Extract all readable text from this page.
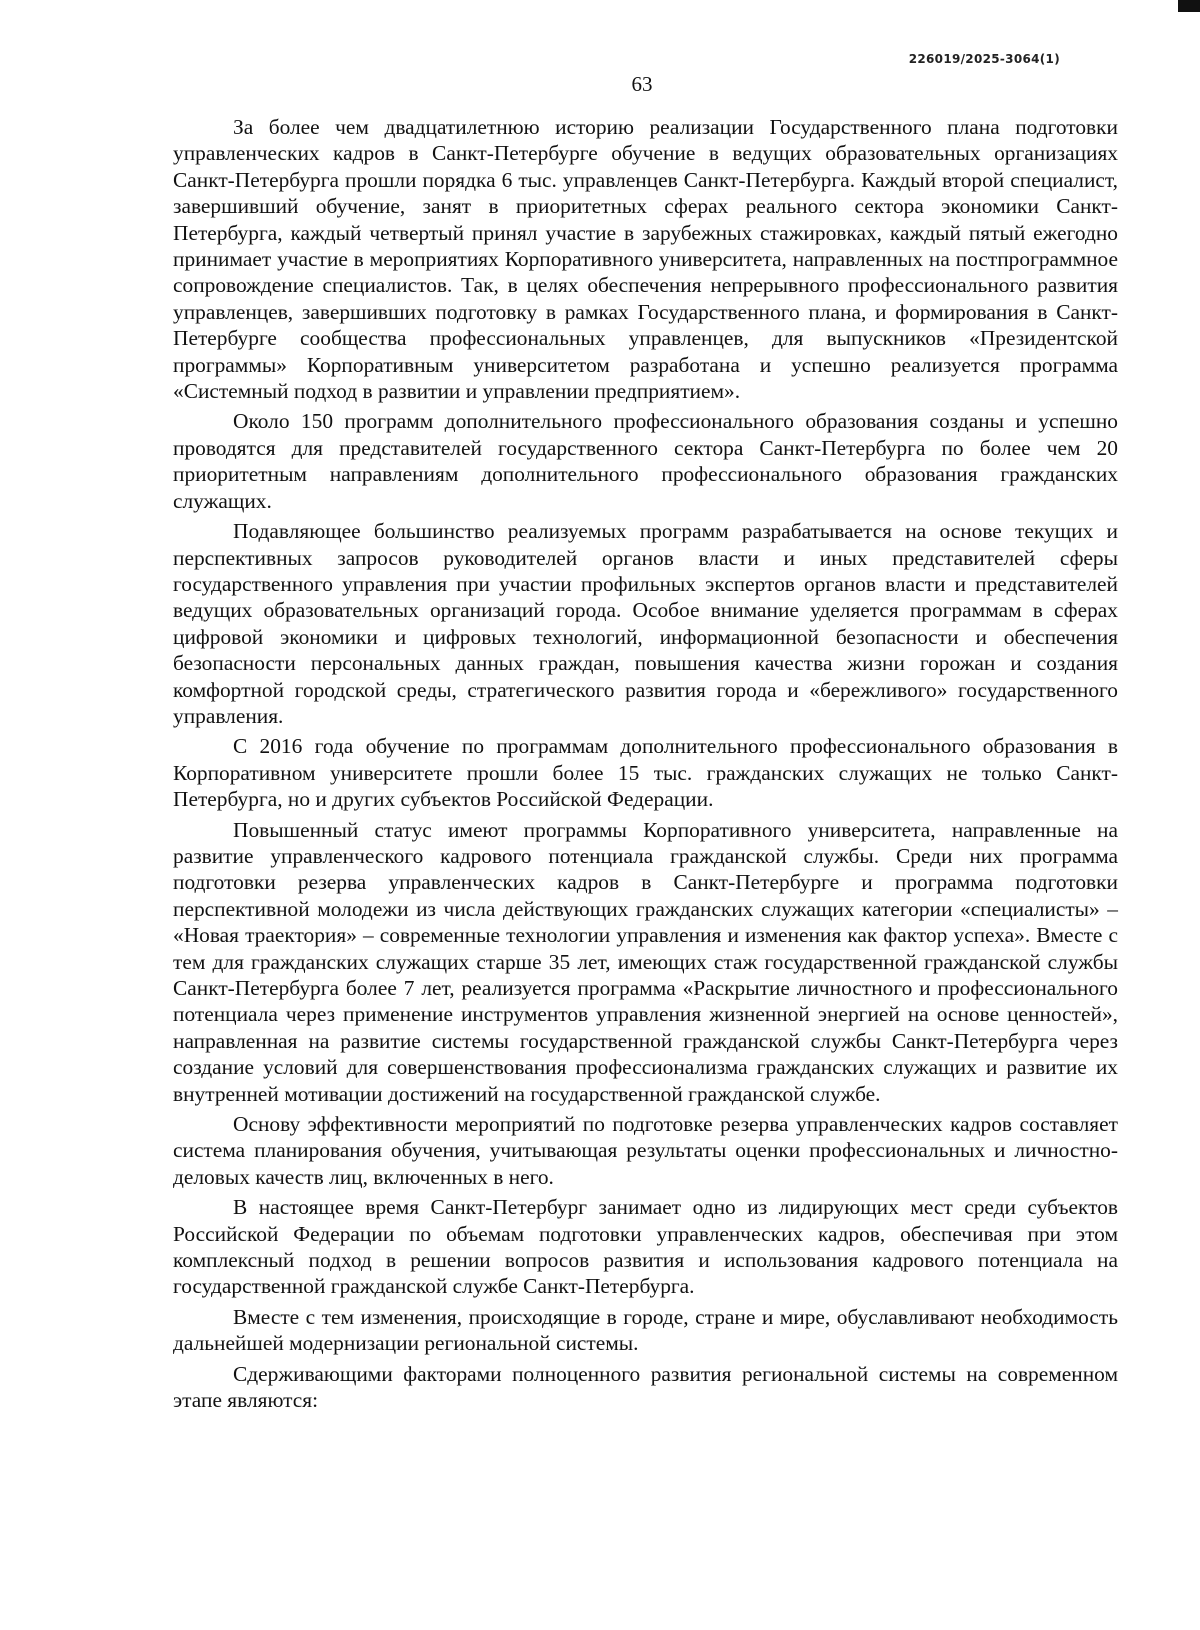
226019/2025-3064(1)
63

За более чем двадцатилетнюю историю реализации Государственного плана подготовки управленческих кадров в Санкт-Петербурге обучение в ведущих образовательных организациях Санкт-Петербурга прошли порядка 6 тыс. управленцев Санкт-Петербурга. Каждый второй специалист, завершивший обучение, занят в приоритетных сферах реального сектора экономики Санкт-Петербурга, каждый четвертый принял участие в зарубежных стажировках, каждый пятый ежегодно принимает участие в мероприятиях Корпоративного университета, направленных на постпрограммное сопровождение специалистов. Так, в целях обеспечения непрерывного профессионального развития управленцев, завершивших подготовку в рамках Государственного плана, и формирования в Санкт-Петербурге сообщества профессиональных управленцев, для выпускников «Президентской программы» Корпоративным университетом разработана и успешно реализуется программа «Системный подход в развитии и управлении предприятием».

Около 150 программ дополнительного профессионального образования созданы и успешно проводятся для представителей государственного сектора Санкт-Петербурга по более чем 20 приоритетным направлениям дополнительного профессионального образования гражданских служащих.

Подавляющее большинство реализуемых программ разрабатывается на основе текущих и перспективных запросов руководителей органов власти и иных представителей сферы государственного управления при участии профильных экспертов органов власти и представителей ведущих образовательных организаций города. Особое внимание уделяется программам в сферах цифровой экономики и цифровых технологий, информационной безопасности и обеспечения безопасности персональных данных граждан, повышения качества жизни горожан и создания комфортной городской среды, стратегического развития города и «бережливого» государственного управления.

С 2016 года обучение по программам дополнительного профессионального образования в Корпоративном университете прошли более 15 тыс. гражданских служащих не только Санкт-Петербурга, но и других субъектов Российской Федерации.

Повышенный статус имеют программы Корпоративного университета, направленные на развитие управленческого кадрового потенциала гражданской службы. Среди них программа подготовки резерва управленческих кадров в Санкт-Петербурге и программа подготовки перспективной молодежи из числа действующих гражданских служащих категории «специалисты» – «Новая траектория» – современные технологии управления и изменения как фактор успеха». Вместе с тем для гражданских служащих старше 35 лет, имеющих стаж государственной гражданской службы Санкт-Петербурга более 7 лет, реализуется программа «Раскрытие личностного и профессионального потенциала через применение инструментов управления жизненной энергией на основе ценностей», направленная на развитие системы государственной гражданской службы Санкт-Петербурга через создание условий для совершенствования профессионализма гражданских служащих и развитие их внутренней мотивации достижений на государственной гражданской службе.

Основу эффективности мероприятий по подготовке резерва управленческих кадров составляет система планирования обучения, учитывающая результаты оценки профессиональных и личностно-деловых качеств лиц, включенных в него.

В настоящее время Санкт-Петербург занимает одно из лидирующих мест среди субъектов Российской Федерации по объемам подготовки управленческих кадров, обеспечивая при этом комплексный подход в решении вопросов развития и использования кадрового потенциала на государственной гражданской службе Санкт-Петербурга.

Вместе с тем изменения, происходящие в городе, стране и мире, обуславливают необходимость дальнейшей модернизации региональной системы.

Сдерживающими факторами полноценного развития региональной системы на современном этапе являются:
